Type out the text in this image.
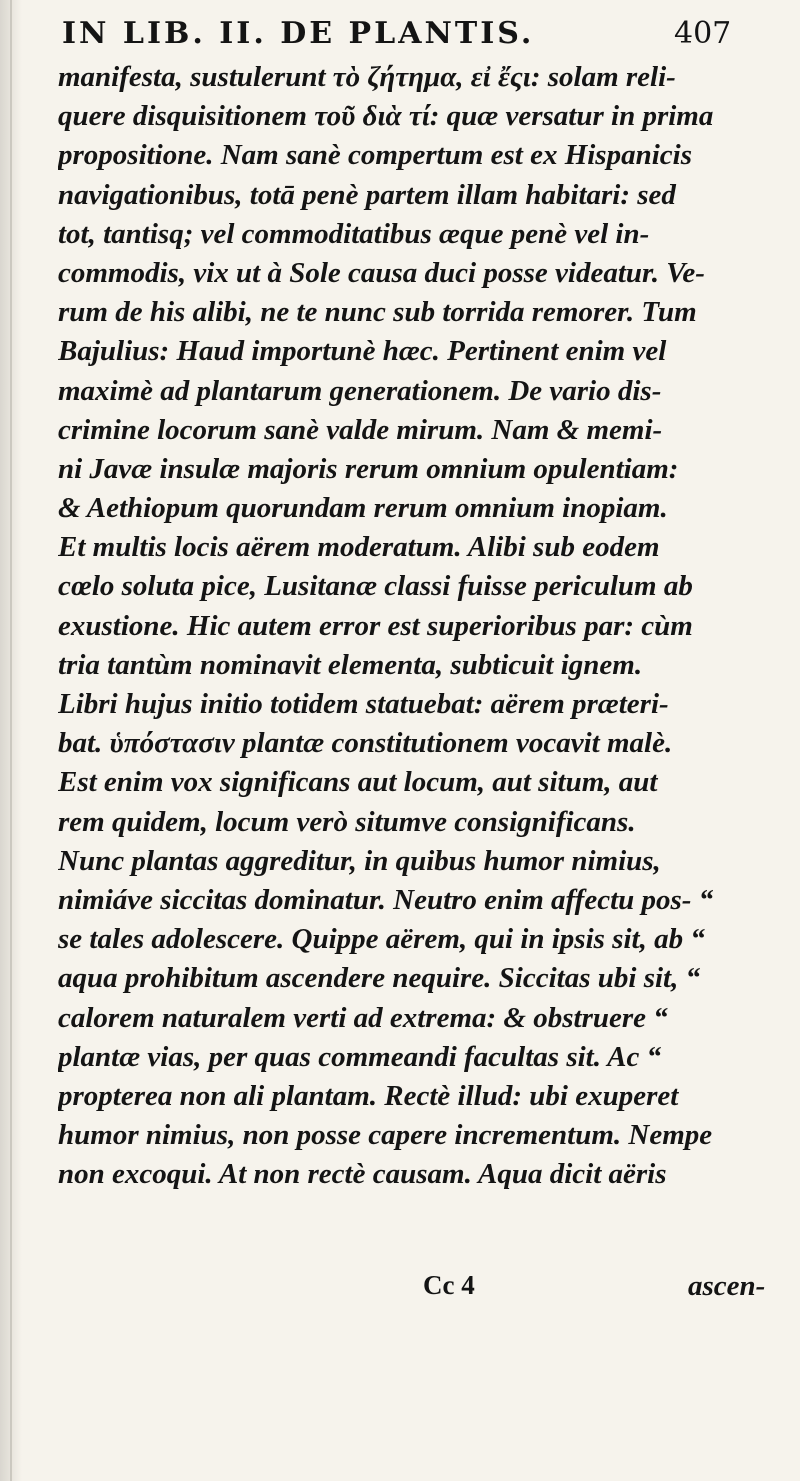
IN LIB. II. DE PLANTIS.	407
manifesta, sustulerunt τὸ ζήτημα, εἰ ἔςι: solam reli-
quere disquisitionem τοῦ διὰ τί: quæ versatur in prima
propositione. Nam sanè compertum est ex Hispanicis
navigationibus, totā penè partem illam habitari: sed
tot, tantisq; vel commoditatibus æque penè vel in-
commodis, vix ut à Sole causa duci posse videatur. Ve-
rum de his alibi, ne te nunc sub torrida remorer. Tum
Bajulius: Haud importunè hæc. Pertinent enim vel
maximè ad plantarum generationem. De vario dis-
crimine locorum sanè valde mirum. Nam & memi-
ni Javæ insulæ majoris rerum omnium opulentiam:
& Aethiopum quorundam rerum omnium inopiam.
Et multis locis aërem moderatum. Alibi sub eodem
cœlo soluta pice, Lusitanæ classi fuisse periculum ab
exustione. Hic autem error est superioribus par: cùm
tria tantùm nominavit elementa, subticuit ignem.
Libri hujus initio totidem statuebat: aërem præteri-
bat. ὑπόστασιν plantæ constitutionem vocavit malè.
Est enim vox significans aut locum, aut situm, aut
rem quidem, locum verò situmve consignificans.
Nunc plantas aggreditur, in quibus humor nimius,
nimiáve siccitas dominatur. Neutro enim affectu pos- “
se tales adolescere. Quippe aërem, qui in ipsis sit, ab “
aqua prohibitum ascendere nequire. Siccitas ubi sit, “
calorem naturalem verti ad extrema: & obstruere “
plantæ vias, per quas commeandi facultas sit. Ac “
propterea non ali plantam. Rectè illud: ubi exuperet
humor nimius, non posse capere incrementum. Nempe
non excoqui. At non rectè causam. Aqua dicit aëris
Cc 4	ascen-
